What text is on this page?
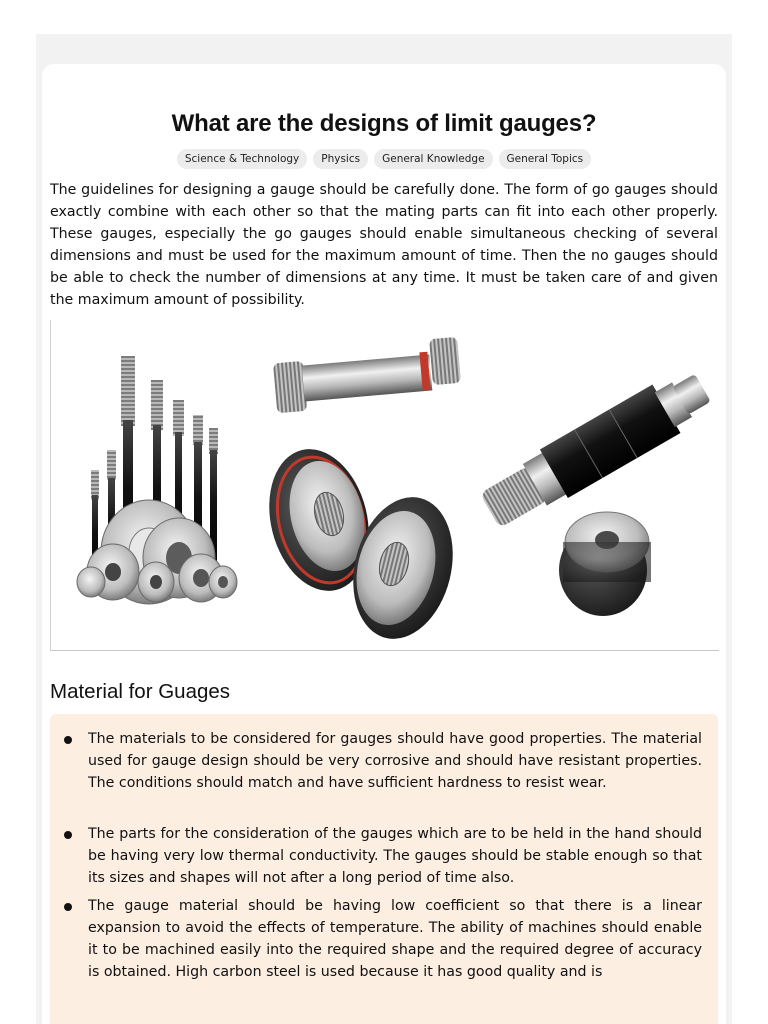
What are the designs of limit gauges?
Science & Technology	Physics	General Knowledge	General Topics

The guidelines for designing a gauge should be carefully done. The form of go gauges should exactly combine with each other so that the mating parts can fit into each other properly. These gauges, especially the go gauges should enable simultaneous checking of several dimensions and must be used for the maximum amount of time. Then the no gauges should be able to check the number of dimensions at any time. It must be taken care of and given the maximum amount of possibility.

Material for Guages
The materials to be considered for gauges should have good properties. The material used for gauge design should be very corrosive and should have resistant properties. The conditions should match and have sufficient hardness to resist wear.
The parts for the consideration of the gauges which are to be held in the hand should be having very low thermal conductivity. The gauges should be stable enough so that its sizes and shapes will not after a long period of time also.
The gauge material should be having low coefficient so that there is a linear expansion to avoid the effects of temperature. The ability of machines should enable it to be machined easily into the required shape and the required degree of accuracy is obtained. High carbon steel is used because it has good quality and is
